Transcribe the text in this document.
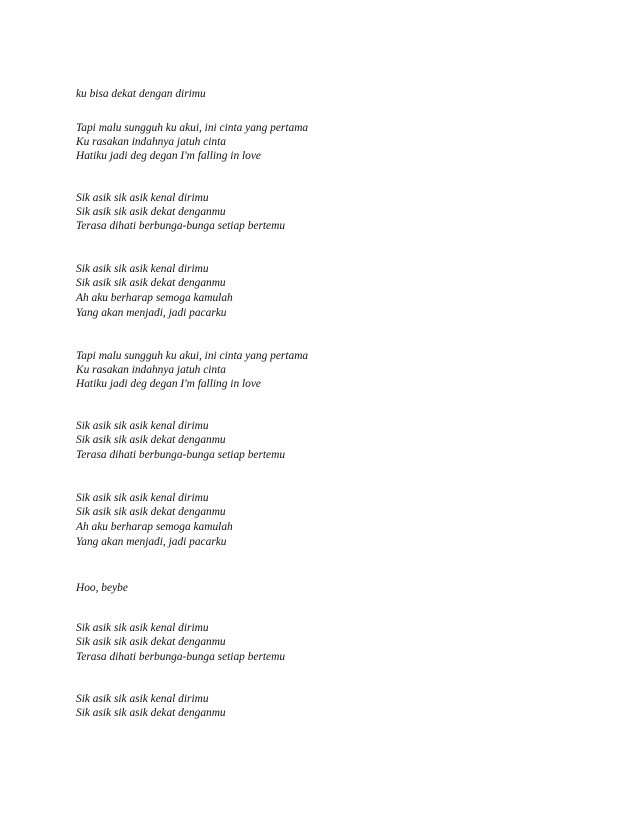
ku bisa dekat dengan dirimu

Tapi malu sungguh ku akui, ini cinta yang pertama

Ku rasakan indahnya jatuh cinta

Hatiku jadi deg degan I'm falling in love

Sik asik sik asik kenal dirimu

Sik asik sik asik dekat denganmu

Terasa dihati berbunga-bunga setiap bertemu

Sik asik sik asik kenal dirimu

Sik asik sik asik dekat denganmu

Ah aku berharap semoga kamulah

Yang akan menjadi, jadi pacarku

Tapi malu sungguh ku akui, ini cinta yang pertama

Ku rasakan indahnya jatuh cinta

Hatiku jadi deg degan I'm falling in love

Sik asik sik asik kenal dirimu

Sik asik sik asik dekat denganmu

Terasa dihati berbunga-bunga setiap bertemu

Sik asik sik asik kenal dirimu

Sik asik sik asik dekat denganmu

Ah aku berharap semoga kamulah

Yang akan menjadi, jadi pacarku

Hoo, beybe

Sik asik sik asik kenal dirimu

Sik asik sik asik dekat denganmu

Terasa dihati berbunga-bunga setiap bertemu

Sik asik sik asik kenal dirimu

Sik asik sik asik dekat denganmu
